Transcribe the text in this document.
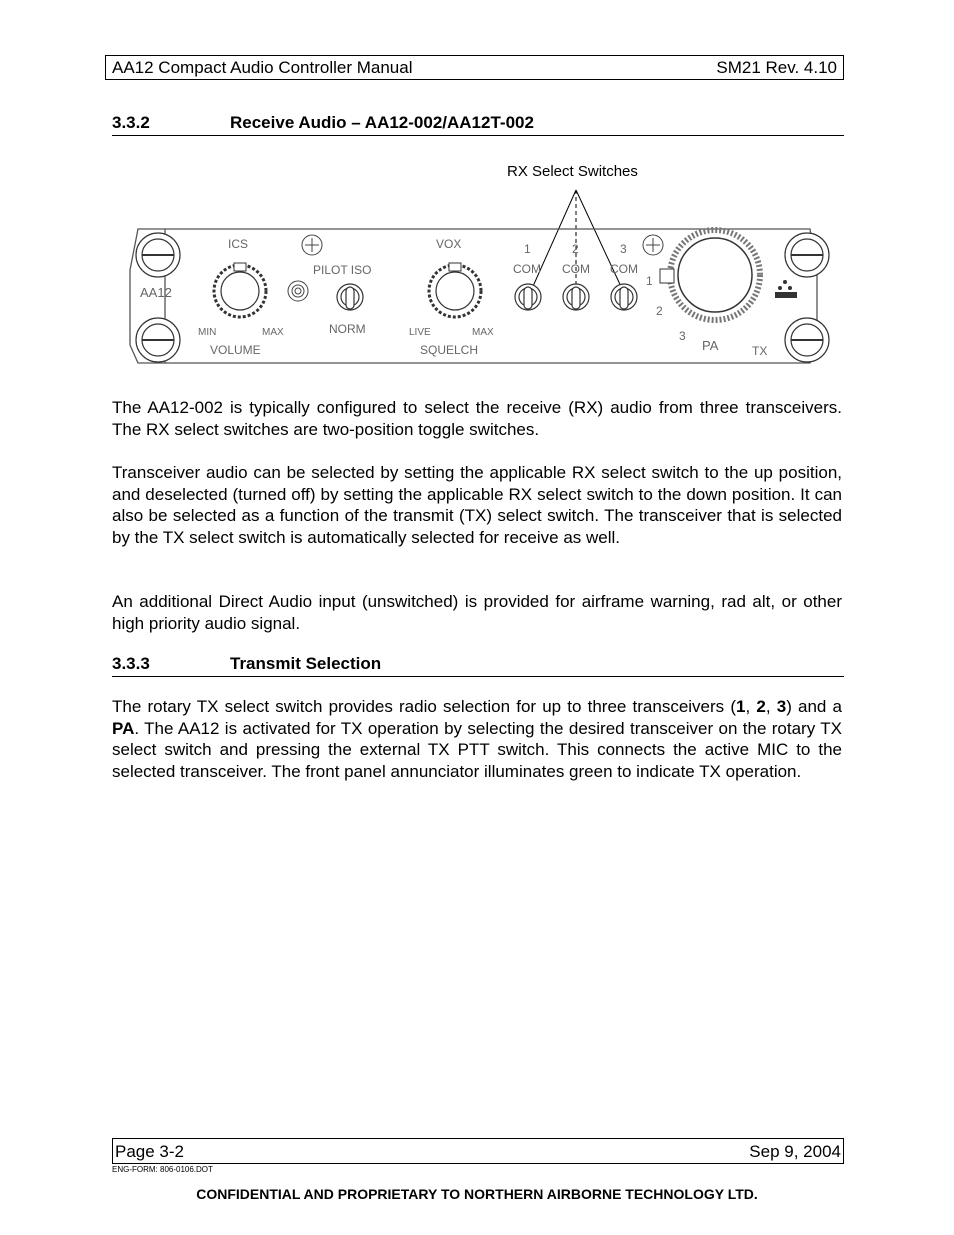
AA12 Compact Audio Controller Manual	SM21 Rev. 4.10
3.3.2	Receive Audio – AA12-002/AA12T-002
RX Select Switches
AA12
ICS
PILOT ISO
NORM
VOX	1	2	3
COM COM COM
MIN	MAX
VOLUME
LIVE	MAX
SQUELCH
1
2
3
PA	TX

The AA12-002 is typically configured to select the receive (RX) audio from three transceivers. The RX select switches are two-position toggle switches.

Transceiver audio can be selected by setting the applicable RX select switch to the up position, and deselected (turned off) by setting the applicable RX select switch to the down position. It can also be selected as a function of the transmit (TX) select switch. The transceiver that is selected by the TX select switch is automatically selected for receive as well.

An additional Direct Audio input (unswitched) is provided for airframe warning, rad alt, or other high priority audio signal.

3.3.3	Transmit Selection

The rotary TX select switch provides radio selection for up to three transceivers (1, 2, 3) and a PA. The AA12 is activated for TX operation by selecting the desired transceiver on the rotary TX select switch and pressing the external TX PTT switch. This connects the active MIC to the selected transceiver. The front panel annunciator illuminates green to indicate TX operation.

Page 3-2	Sep 9, 2004
ENG-FORM: 806-0106.DOT
CONFIDENTIAL AND PROPRIETARY TO NORTHERN AIRBORNE TECHNOLOGY LTD.
